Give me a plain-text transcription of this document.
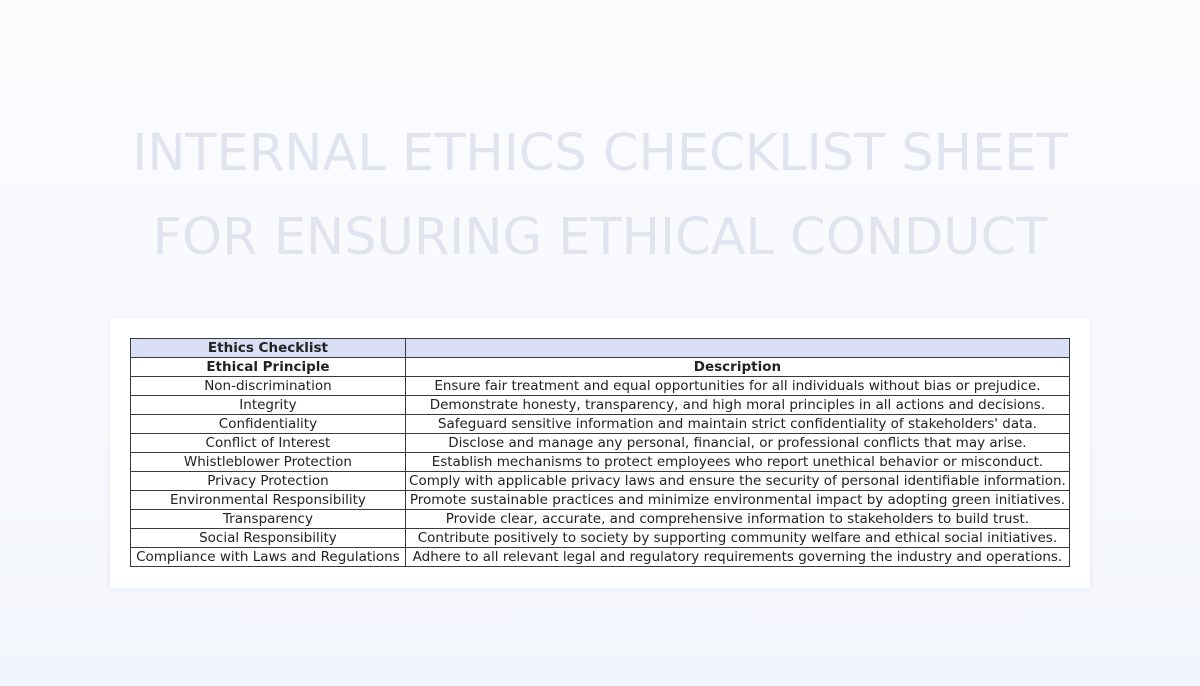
INTERNAL ETHICS CHECKLIST SHEET
FOR ENSURING ETHICAL CONDUCT
Ethics Checklist	
Ethical Principle	Description
Non-discrimination	Ensure fair treatment and equal opportunities for all individuals without bias or prejudice.
Integrity	Demonstrate honesty, transparency, and high moral principles in all actions and decisions.
Confidentiality	Safeguard sensitive information and maintain strict confidentiality of stakeholders' data.
Conflict of Interest	Disclose and manage any personal, financial, or professional conflicts that may arise.
Whistleblower Protection	Establish mechanisms to protect employees who report unethical behavior or misconduct.
Privacy Protection	Comply with applicable privacy laws and ensure the security of personal identifiable information.
Environmental Responsibility	Promote sustainable practices and minimize environmental impact by adopting green initiatives.
Transparency	Provide clear, accurate, and comprehensive information to stakeholders to build trust.
Social Responsibility	Contribute positively to society by supporting community welfare and ethical social initiatives.
Compliance with Laws and Regulations	Adhere to all relevant legal and regulatory requirements governing the industry and operations.
